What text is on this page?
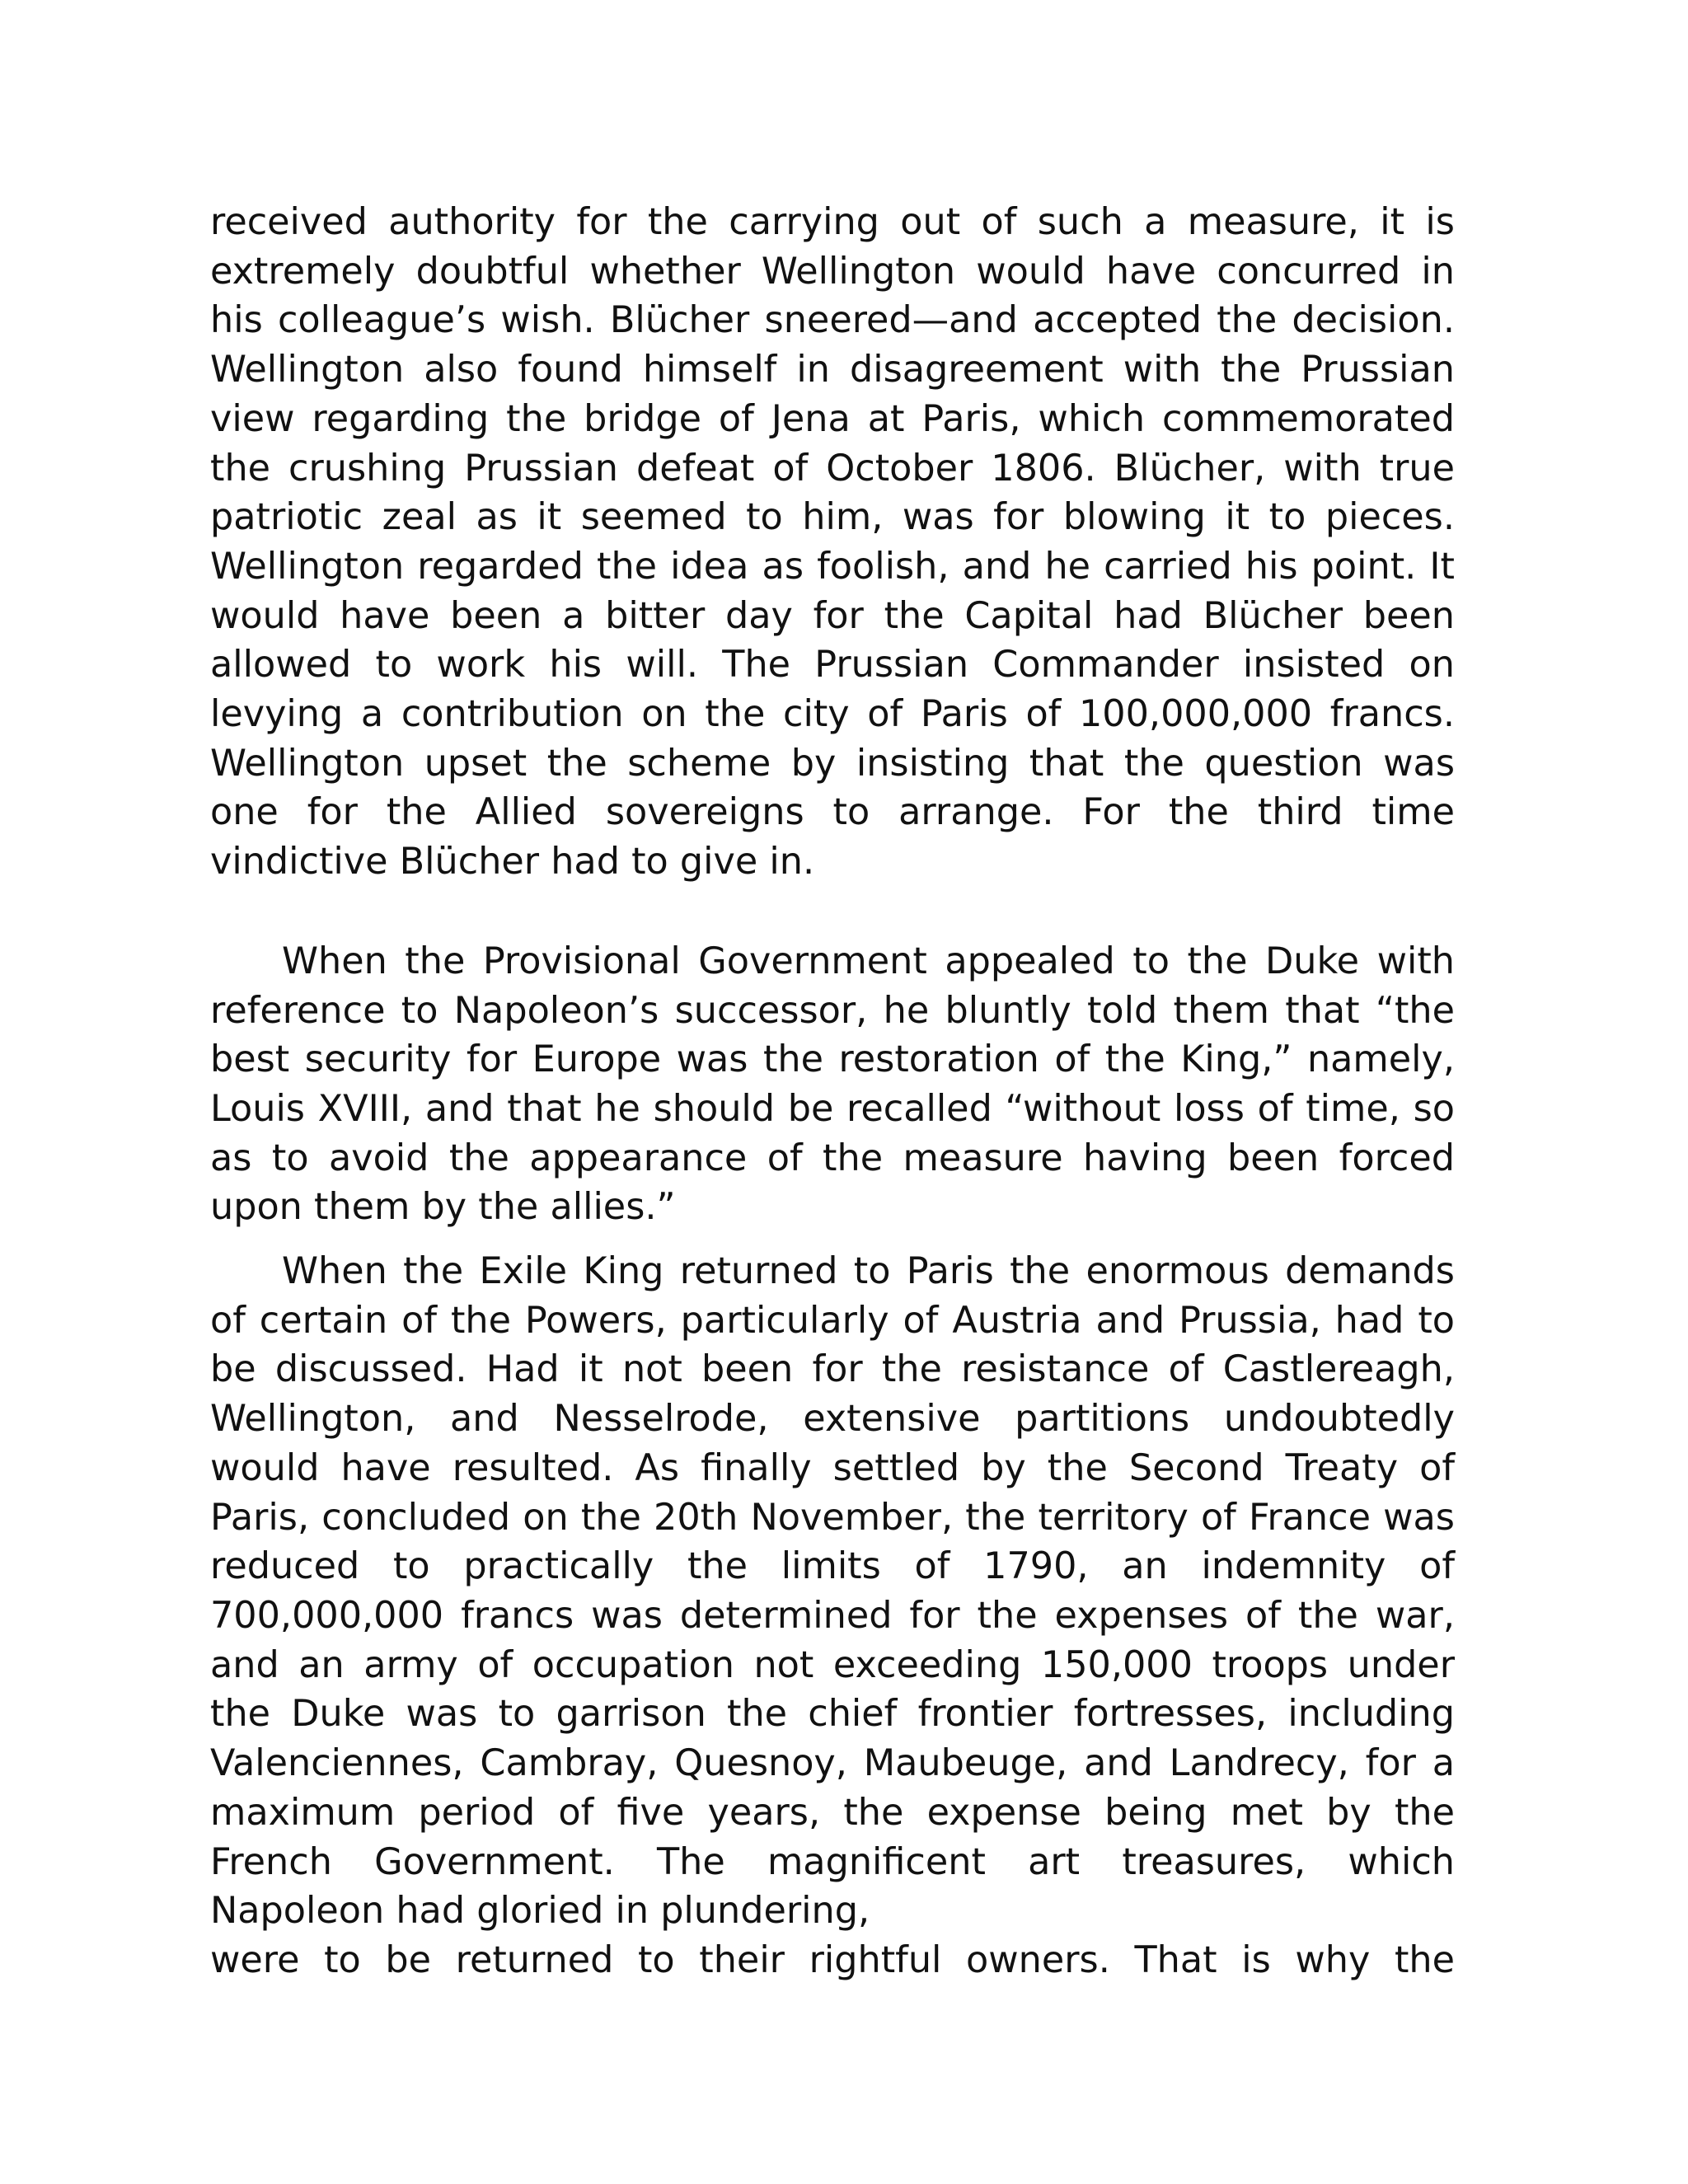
received authority for the carrying out of such a measure, it is extremely doubtful whether Wellington would have concurred in his colleague’s wish. Blücher sneered—and accepted the decision. Wellington also found himself in disagreement with the Prussian view regarding the bridge of Jena at Paris, which commemorated the crushing Prussian defeat of October 1806. Blücher, with true patriotic zeal as it seemed to him, was for blowing it to pieces. Wellington regarded the idea as foolish, and he carried his point. It would have been a bitter day for the Capital had Blücher been allowed to work his will. The Prussian Commander insisted on levying a contribution on the city of Paris of 100,000,000 francs. Wellington upset the scheme by insisting that the question was one for the Allied sovereigns to arrange. For the third time vindictive Blücher had to give in.

When the Provisional Government appealed to the Duke with reference to Napoleon’s successor, he bluntly told them that “the best security for Europe was the restoration of the King,” namely, Louis XVIII, and that he should be recalled “without loss of time, so as to avoid the appearance of the measure having been forced upon them by the allies.”

When the Exile King returned to Paris the enormous demands of certain of the Powers, particularly of Austria and Prussia, had to be discussed. Had it not been for the resistance of Castlereagh, Wellington, and Nesselrode, extensive partitions undoubtedly would have resulted. As finally settled by the Second Treaty of Paris, concluded on the 20th November, the territory of France was reduced to practically the limits of 1790, an indemnity of 700,000,000 francs was determined for the expenses of the war, and an army of occupation not exceeding 150,000 troops under the Duke was to garrison the chief frontier fortresses, including Valenciennes, Cambray, Quesnoy, Maubeuge, and Landrecy, for a maximum period of five years, the expense being met by the French Government. The magnificent art treasures, which Napoleon had gloried in plundering,

were to be returned to their rightful owners. That is why the
